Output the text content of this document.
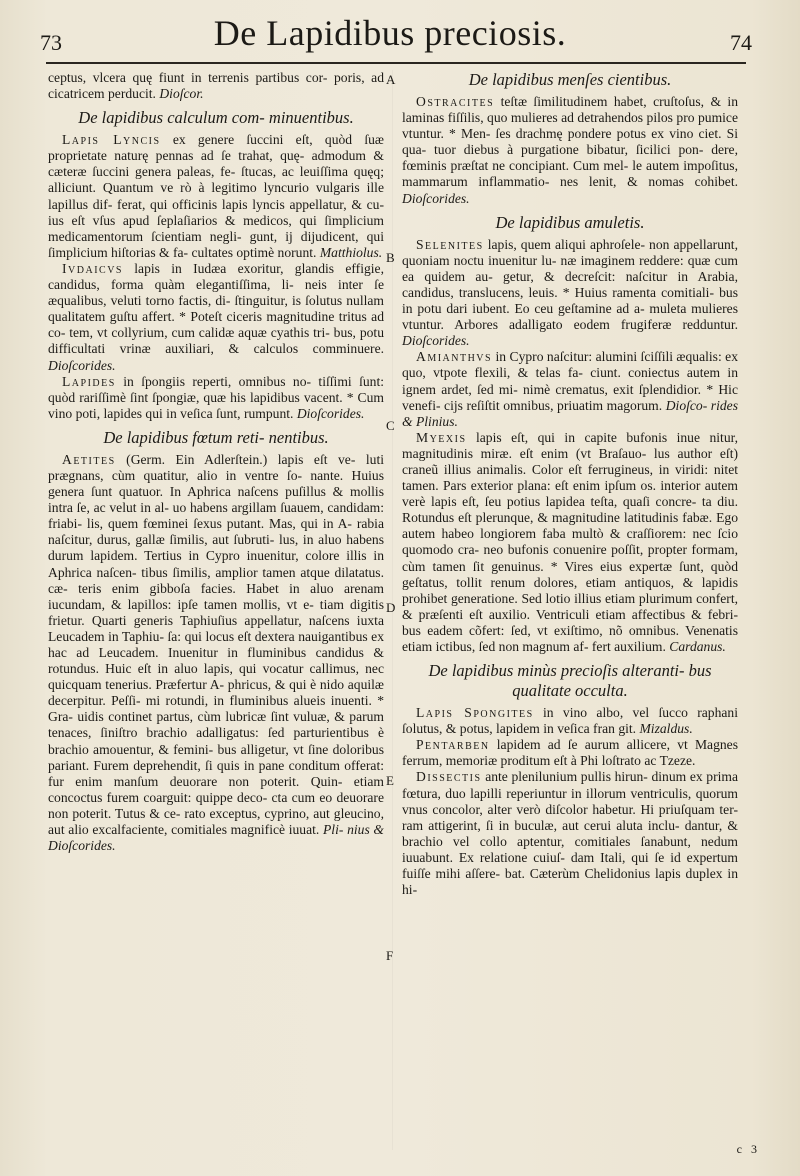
73	De Lapidibus preciosis.	74
A
B
C
D
E
F

ceptus, vlcera quę fiunt in terrenis partibus cor- poris, ad cicatricem perducit. Dioſcor.

De lapidibus calculum com- minuentibus.

Lapis Lyncis ex genere ſuccini eſt, quòd ſuæ proprietate naturę pennas ad ſe trahat, quę- admodum & cæteræ ſuccini genera paleas, fe- ſtucas, ac leuiſſima quęq; alliciunt. Quantum ve rò à legitimo lyncurio vulgaris ille lapillus dif- ferat, qui officinis lapis lyncis appellatur, & cu- ius eſt vſus apud ſeplaſiarios & medicos, qui ſimplicium medicamentorum ſcientiam negli- gunt, ij dijudicent, qui ſimplicium hiſtorias & fa- cultates optimè norunt. Matthiolus.

Ivdaicvs lapis in Iudæa exoritur, glandis effigie, candidus, forma quàm elegantiſſima, li- neis inter ſe æqualibus, veluti torno factis, di- ſtinguitur, is ſolutus nullam qualitatem guſtu affert. * Poteſt ciceris magnitudine tritus ad co- tem, vt collyrium, cum calidæ aquæ cyathis tri- bus, potu difficultati vrinæ auxiliari, & calculos comminuere. Dioſcorides.

Lapides in ſpongiis reperti, omnibus no- tiſſimi ſunt: quòd rariſſimè ſint ſpongiæ, quæ his lapidibus vacent. * Cum vino poti, lapides qui in veſica ſunt, rumpunt. Dioſcorides.

De lapidibus fœtum reti- nentibus.

Aetites (Germ. Ein Adlerſtein.) lapis eſt ve- luti prægnans, cùm quatitur, alio in ventre ſo- nante. Huius genera ſunt quatuor. In Aphrica naſcens puſillus & mollis intra ſe, ac velut in al- uo habens argillam ſuauem, candidam: friabi- lis, quem fœminei ſexus putant. Mas, qui in A- rabia naſcitur, durus, gallæ ſimilis, aut ſubruti- lus, in aluo habens durum lapidem. Tertius in Cypro inuenitur, colore illis in Aphrica naſcen- tibus ſimilis, amplior tamen atque dilatatus. cæ- teris enim gibboſa facies. Habet in aluo arenam iucundam, & lapillos: ipſe tamen mollis, vt e- tiam digitis frietur. Quarti generis Taphiuſius appellatur, naſcens iuxta Leucadem in Taphiu- ſa: qui locus eſt dextera nauigantibus ex hac ad Leucadem. Inuenitur in fluminibus candidus & rotundus. Huic eſt in aluo lapis, qui vocatur callimus, nec quicquam tenerius. Præfertur A- phricus, & qui è nido aquilæ decerpitur. Peſſi- mi rotundi, in fluminibus alueis inuenti. * Gra- uidis continet partus, cùm lubricæ ſint vuluæ, & parum tenaces, ſiniſtro brachio adalligatus: ſed parturientibus è brachio amouentur, & femini- bus alligetur, vt ſine doloribus pariant. Furem deprehendit, ſi quis in pane conditum offerat: fur enim manſum deuorare non poterit. Quin- etiam concoctus furem coarguit: quippe deco- cta cum eo deuorare non poterit. Tutus & ce- rato exceptus, cyprino, aut gleucino, aut alio excalfaciente, comitiales magnificè iuuat. Pli- nius & Dioſcorides.

De lapidibus menſes cientibus.

Ostracites teſtæ ſimilitudinem habet, cruſtoſus, & in laminas fiſſilis, quo mulieres ad detrahendos pilos pro pumice vtuntur. * Men- ſes drachmę pondere potus ex vino ciet. Si qua- tuor diebus à purgatione bibatur, ſicilici pon- dere, fœminis præſtat ne concipiant. Cum mel- le autem impoſitus, mammarum inflammatio- nes lenit, & nomas cohibet. Dioſcorides.

De lapidibus amuletis.

Selenites lapis, quem aliqui aphroſele- non appellarunt, quoniam noctu inuenitur lu- næ imaginem reddere: quæ cum ea quidem au- getur, & decreſcit: naſcitur in Arabia, candidus, translucens, leuis. * Huius ramenta comitiali- bus in potu dari iubent. Eo ceu geſtamine ad a- muleta mulieres vtuntur. Arbores adalligato eodem frugiferæ redduntur. Dioſcorides.

Amianthvs in Cypro naſcitur: alumini ſciſſili æqualis: ex quo, vtpote flexili, & telas fa- ciunt. coniectus autem in ignem ardet, ſed mi- nimè crematus, exit ſplendidior. * Hic venefi- cijs reſiſtit omnibus, priuatim magorum. Dioſco- rides & Plinius.

Myexis lapis eſt, qui in capite bufonis inue nitur, magnitudinis miræ. eſt enim (vt Braſauo- lus author eſt) craneũ illius animalis. Color eſt ferrugineus, in viridi: nitet tamen. Pars exterior plana: eſt enim ipſum os. interior autem verè lapis eſt, ſeu potius lapidea teſta, quaſi concre- ta diu. Rotundus eſt plerunque, & magnitudine latitudinis fabæ. Ego autem habeo longiorem faba multò & craſſiorem: nec ſcio quomodo cra- neo bufonis conuenire poſſit, propter formam, cùm tamen ſit genuinus. * Vires eius expertæ ſunt, quòd geſtatus, tollit renum dolores, etiam antiquos, & lapidis prohibet generatione. Sed lotio illius etiam plurimum confert, & præſenti eſt auxilio. Ventriculi etiam affectibus & febri- bus eadem cõfert: ſed, vt exiſtimo, nõ omnibus. Venenatis etiam ictibus, ſed non magnum af- fert auxilium. Cardanus.

De lapidibus minùs precioſis alteranti- bus qualitate occulta.

Lapis Spongites in vino albo, vel ſucco raphani ſolutus, & potus, lapidem in veſica fran git. Mizaldus.

Pentarben lapidem ad ſe aurum allicere, vt Magnes ferrum, memoriæ proditum eſt à Phi loſtrato ac Tzeze.

Dissectis ante plenilunium pullis hirun- dinum ex prima fœtura, duo lapilli reperiuntur in illorum ventriculis, quorum vnus concolor, alter verò diſcolor habetur. Hi priuſquam ter- ram attigerint, ſi in buculæ, aut cerui aluta inclu- dantur, & brachio vel collo aptentur, comitiales ſanabunt, nedum iuuabunt. Ex relatione cuiuſ- dam Itali, qui ſe id expertum fuiſſe mihi aſſere- bat. Cæterùm Chelidonius lapis duplex in hi-

c 3
